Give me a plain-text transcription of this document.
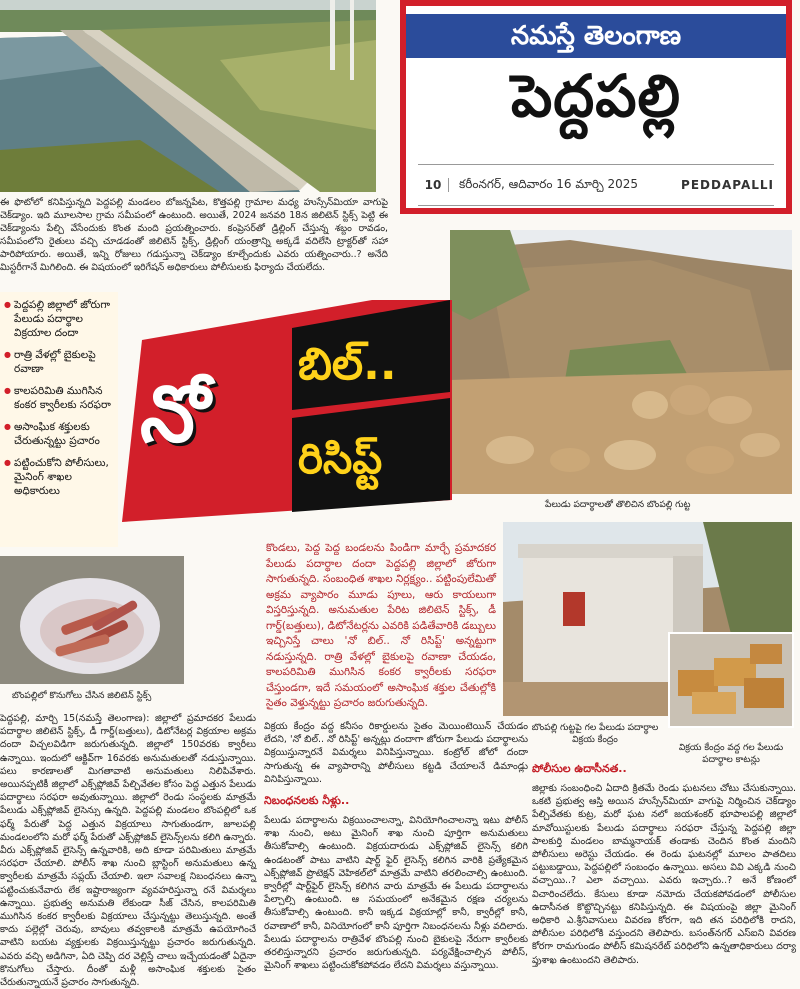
నమస్తే తెలంగాణ
పెద్దపల్లి
10	కరీంనగర్, ఆదివారం 16 మార్చి 2025	PEDDAPALLI
ఈ ఫొటోలో కనిపిస్తున్నది పెద్దపల్లి మండలం బోజన్నపేట, కొత్తపల్లి గ్రామాల మధ్య హుస్సేన్‌మియా వాగుపై చెక్‌డ్యాం. ఇది మూలసాల గ్రామ సమీపంలో ఉంటుంది. అయితే, 2024 జనవరి 18న జిలిటెన్ స్టిక్స్ పెట్టి ఈ చెక్‌డ్యాంను పేల్చి వేసేందుకు కొంత మంది ప్రయత్నించారు. కంప్రెసర్‌తో డ్రిల్లింగ్ చేస్తున్న శబ్దం రావడం, సమీపంలోని రైతులు వచ్చి చూడడంతో జిలిటెన్ స్టిక్స్, డ్రిల్లింగ్ యంత్రాన్ని అక్కడే వదిలేసి ట్రాక్టర్‌తో సహా పారిపోయారు. అయితే, ఇన్ని రోజులు గడుస్తున్నా చెక్‌డ్యాం కూల్చేందుకు ఎవరు యత్నించారు..? అనేది మిస్టరీగానే మిగిలింది. ఈ విషయంలో ఇరిగేషన్ అధికారులు పోలీసులకు ఫిర్యాదు చేయలేదు.
పేలుడు పదార్థాలతో తొలిచిన బొంపల్లి గుట్ట
● పెద్దపల్లి జిల్లాలో జోరుగా పేలుడు పదార్థాల విక్రయాల దందా
● రాత్రి వేళల్లో బైకులపై రవాణా
● కాలపరిమితి ముగిసిన కంకర క్వారీలకు సరఫరా
● అసాంఘిక శక్తులకు చేరుతున్నట్టు ప్రచారం
● పట్టించుకోని పోలీసులు, మైనింగ్ శాఖల అధికారులు
నో
బిల్..
రిసిప్ట్
బొంపల్లిలో కొనుగోలు చేసిన జిలిటెన్ స్టిక్స్
కొండలు, పెద్ద పెద్ద బండలను పిండిగా మార్చే ప్రమాదకర పేలుడు పదార్థాల దందా పెద్దపల్లి జిల్లాలో జోరుగా సాగుతున్నది. సంబంధిత శాఖల నిర్లక్ష్యం.. పట్టింపులేమితో అక్రమ వ్యాపారం మూడు పూలు, ఆరు కాయలుగా విస్తరిస్తున్నది. అనుమతుల పేరిట జిలిటెన్ స్టిక్స్, డీ గార్డ్(బత్తులు), డిటోనేటర్లను ఎవరికి పడితేవారికి డబ్బులు ఇచ్చినిస్తే చాలు 'నో బిల్.. నో రిసిప్ట్' అన్నట్టుగా నడుస్తున్నది. రాత్రి వేళల్లో బైకులపై రవాణా చేయడం, కాలపరిమితి ముగిసిన కంకర క్వారీలకు సరఫరా చేస్తుండగా, ఇదే సమయంలో అసాంఘిక శక్తుల చేతుల్లోకి సైతం వెళ్తున్నట్టు ప్రచారం జరుగుతున్నది.
బొంపల్లి గుట్టపై గల పేలుడు పదార్థాల విక్రయ కేంద్రం
విక్రయ కేంద్రం వద్ద గల పేలుడు పదార్థాల కాటన్లు
పెద్దపల్లి, మార్చి 15(నమస్తే తెలంగాణ): జిల్లాలో ప్రమాదకర పేలుడు పదార్థాల జిలిటెన్ స్టిక్స్, డీ గార్డ్(బత్తులు), డిటోనేటర్ల విక్రయాల అక్రమ దందా విచ్చలవిడిగా జరుగుతున్నది. జిల్లాలో 150వరకు క్వారీలు ఉన్నాయి. ఇందులో ఆక్టివ్‌గా 16వరకు అనుమతులతో నడుస్తున్నాయి. పలు కారణాలతో మిగతావాటి అనుమతులు నిలిపివేశారు. అయినప్పటికీ జిల్లాలో ఎక్స్‌ప్లోజివ్ పేల్చివేతల కోసం పెద్ద ఎత్తున పేలుడు పదార్థాలు సరఫరా అవుతున్నాయి. జిల్లాలో రెండు సంస్థలకు మాత్రమే పేలుడు ఎక్స్‌ప్లోజివ్ లైసెన్సు ఉన్నది. పెద్దపల్లి మండలం బొంపల్లిలో ఒక ఫర్మ్ పేరుతో పెద్ద ఎత్తున విక్రయాలు సాగుతుండగా, జూలపల్లి మండలంలోని మరో ఫర్మ్ పేరుతో ఎక్స్‌ప్లోజివ్ లైసెన్స్‌లను కలిగి ఉన్నారు. వీరు ఎక్స్‌ప్లోజివ్ లైసెన్స్ ఉన్నవారికి, అది కూడా పరిమితులు మాత్రమే సరఫరా చేయాలి. పోలీస్ శాఖ నుంచి బ్లాస్టింగ్ అనుమతులు ఉన్న క్వారీలకు మాత్రమే సప్లయ్ చేయాలి. ఇలా సవాలక్ష నిబంధనలు ఉన్నా పట్టించుకునేవారు లేక ఇష్టారాజ్యంగా వ్యవహరిస్తున్నా రనే విమర్శలు ఉన్నాయి. ప్రభుత్వ అనుమతి లేకుండా సీజ్ చేసిన, కాలపరిమితి ముగిసిన కంకర క్వారీలకు విక్రయాలు చేస్తున్నట్టు తెలుస్తున్నది. అంతే కాదు పల్లెల్లో చెరువు, బావులు తవ్వకాలకి మాత్రమే ఉపయోగించే వాటిని బయట వ్యక్తులకు విక్రయిస్తున్నట్టు ప్రచారం జరుగుతున్నది. ఎవరు వచ్చి అడిగినా, ఏది చెప్పి దర వెల్లిస్తే చాలు ఇచ్చేయడంతో ఏదైనా కొనుగోలు చేస్తారు. దీంతో మళ్లీ అసాంఘిక శక్తులకు సైతం చేరుతున్నాయనే ప్రచారం సాగుతున్నది.
విక్రయ కేంద్రం వద్ద కనీసం రికార్డులను సైతం మెయింటెయిన్ చేయడం లేదని, 'నో బిల్.. నో రిసిప్ట్' అన్నట్లు దందాగా జోరుగా పేలుడు పదార్థాలను విక్రయిస్తున్నారనే విమర్శలు వినిపిస్తున్నాయి. కంట్రోల్ జోలో దందా సాగుతున్న ఈ వ్యాపారాన్ని పోలీసులు కట్టడి చేయాలనే డిమాండ్లు వినిపిస్తున్నాయి.
నిబంధనలకు నీళ్లు..
పేలుడు పదార్థాలను విక్రయించాలన్నా, వినియోగించాలన్నా ఇటు పోలీస్ శాఖ నుంచి, అటు మైనింగ్ శాఖ నుంచి పూర్తిగా అనుమతులు తీసుకోవాల్సి ఉంటుంది. విక్రయదారుడు ఎక్స్‌ప్లోజివ్ లైసెన్స్ కలిగి ఉండటంతో పాటు వాటిని షార్ట్ ఫైర్ లైసెన్స్ కలిగిన వారికి ప్రత్యేకమైన ఎక్స్‌ప్లోజివ్ ప్రొటెక్షన్ వెహికల్‌లో మాత్రమే వాటిని తరలించాల్సి ఉంటుంది. క్వారీల్లో షార్ట్‌ఫైర్ లైసెన్స్ కలిగిన వారు మాత్రమే ఈ పేలుడు పదార్థాలను పేల్చాల్సి ఉంటుంది. ఆ సమయంలో అనేకమైన రక్షణ చర్యలను తీసుకోవాల్సి ఉంటుంది. కానీ ఇక్కడ విక్రయాల్లో కానీ, క్వారీల్లో కానీ, రవాణాలో కానీ, వినియోగంలో కానీ పూర్తిగా నిబంధనలను నీళ్లు వదిలారు. పేలుడు పదార్థాలను రాత్రివేళ బొంపల్లి నుంచి బైకులపై నేరుగా క్వారీలకు తరలిస్తున్నారని ప్రచారం జరుగుతున్నది. పర్యవేక్షించాల్సిన పోలీస్, మైనింగ్ శాఖలు పట్టించుకోకపోవడం లేదని విమర్శలు వస్తున్నాయి.
పోలీసుల ఉదాసీనత..
జిల్లాకు సంబంధించి ఏదాది క్రితమే రెండు ఘటనలు చోటు చేసుకున్నాయి. ఒకటి ప్రభుత్వ ఆస్తి అయిన హుస్సేన్‌మియా వాగుపై నిర్మించిన చెక్‌డ్యాం పేల్చివేతకు కుట్ర, మరో ఘట నలో జయశంకర్ భూపాలపల్లి జిల్లాలో మావోయిస్టులకు పేలుడు పదార్థాలు సరఫరా చేస్తున్న పెద్దపల్లి జిల్లా పాలకుర్తి మండలం బామ్మనాయక్ తండాకు చెందిన కొంత మందిని పోలీసులు అరెస్టు చేయడం. ఈ రెండు ఘటనల్లో మూలం పాతదిలు పట్టుబడ్డాయి, పెద్దపల్లిలో సంబంధం ఉన్నాయి. అసలు వివి ఎక్కడి నుంచి వచ్చాయి..? ఎలా వచ్చాయి. ఎవరు ఇచ్చారు..? అనే కోణంలో విచారించలేదు. కేసులు కూడా నమోదు చేయకపోవడంలో పోలీసుల ఉదాసీనత కొట్టొచ్చినట్టు కనిపిస్తున్నది. ఈ విషయంపై జిల్లా మైనింగ్ అధికారి ఎ.శ్రీనివాసులు వివరణ కోరగా, ఇది తన పరిధిలోకి రాదని, పోలీసుల పరిధిలోకి వస్తుందని తెలిపారు. బసంత్‌నగర్ ఎస్ఐని వివరణ కోరగా రామగుండం పోలీస్ కమిషనరేట్ పరిధిలోని ఉన్నతాధికారులు దర్యా ప్తుశాఖ ఉంటుందని తెలిపారు.
